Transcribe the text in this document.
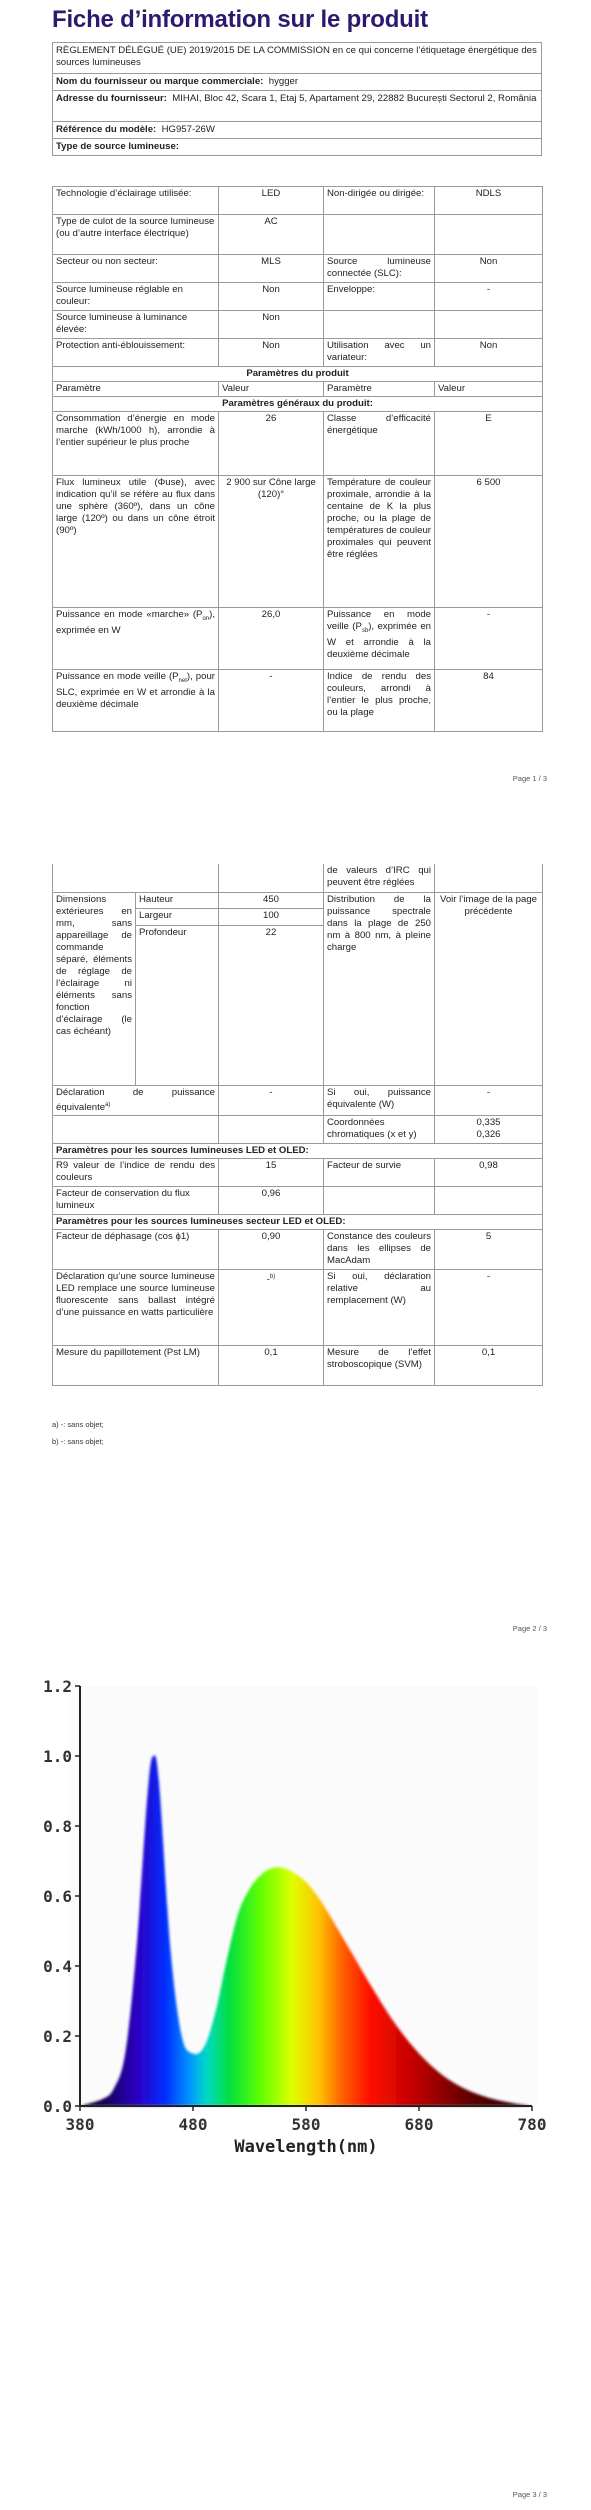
Fiche d’information sur le produit
RÈGLEMENT DÉLÉGUÉ (UE) 2019/2015 DE LA COMMISSION en ce qui concerne l’étiquetage énergétique des sources lumineuses
Nom du fournisseur ou marque commerciale: hygger
Adresse du fournisseur: MIHAI, Bloc 42, Scara 1, Etaj 5, Apartament 29, 22882 București Sectorul 2, România
Référence du modèle: HG957-26W
Type de source lumineuse:
Technologie d’éclairage utilisée:	LED	Non-dirigée ou dirigée:	NDLS
Type de culot de la source lumineuse (ou d’autre interface électrique)	AC		
Secteur ou non secteur:	MLS	Source lumineuse connectée (SLC):	Non
Source lumineuse réglable en couleur:	Non	Enveloppe:	-
Source lumineuse à luminance élevée:	Non		
Protection anti-éblouissement:	Non	Utilisation avec un variateur:	Non
Paramètres du produit			
Paramètre	Valeur	Paramètre	Valeur
Paramètres généraux du produit:			
Consommation d’énergie en mode marche (kWh/1000 h), arrondie à l’entier supérieur le plus proche	26	Classe d’efficacité énergétique	E
Flux lumineux utile (Φuse), avec indication qu’il se réfère au flux dans une sphère (360º), dans un cône large (120º) ou dans un cône étroit (90º)	2 900 sur Cône large (120)°	Température de couleur proximale, arrondie à la centaine de K la plus proche, ou la plage de températures de couleur proximales qui peuvent être réglées	6 500
Puissance en mode «marche» $(P_{on})$, exprimée en W	26,0	Puissance en mode veille $(P_{sb})$, exprimée en W et arrondie à la deuxième décimale	-
Puissance en mode veille $(P_{net})$, pour SLC, exprimée en W et arrondie à la deuxième décimale	-	Indice de rendu des couleurs, arrondi à l’entier le plus proche, ou la plage	84
Page 1 / 3
			de valeurs d’IRC qui peuvent être réglées	
Dimensions extérieures en mm, sans appareillage de commande séparé, éléments de réglage de l’éclairage ni éléments sans fonction d’éclairage (le cas échéant)	Hauteur	450	Distribution de la puissance spectrale dans la plage de 250 nm à 800 nm, à pleine charge	Voir l’image de la page précédente
	Largeur	100		
	Profondeur	22		
Déclaration de puissance équivalente$^{a)}$		-	Si oui, puissance équivalente (W)	-
			Coordonnées chromatiques (x et y)	0,335
0,326

Paramètres pour les sources lumineuses LED et OLED:				
R9 valeur de l’indice de rendu des couleurs		15	Facteur de survie	0,98
Facteur de conservation du flux lumineux		0,96		
Paramètres pour les sources lumineuses secteur LED et OLED:				
Facteur de déphasage (cos ϕ1)		0,90	Constance des couleurs dans les ellipses de MacAdam	5
Déclaration qu’une source lumineuse LED remplace une source lumineuse fluorescente sans ballast intégré d’une puissance en watts particulière		-$^{b)}$	Si oui, déclaration relative au remplacement (W)	-
Mesure du papillotement (Pst LM)		0,1	Mesure de l’effet stroboscopique (SVM)	0,1
a) -: sans objet;
b) -: sans objet;
Page 2 / 3
0.0
0.2
0.4
0.6
0.8
1.0
1.2
380	480	580	680	780
Wavelength(nm)
Page 3 / 3
